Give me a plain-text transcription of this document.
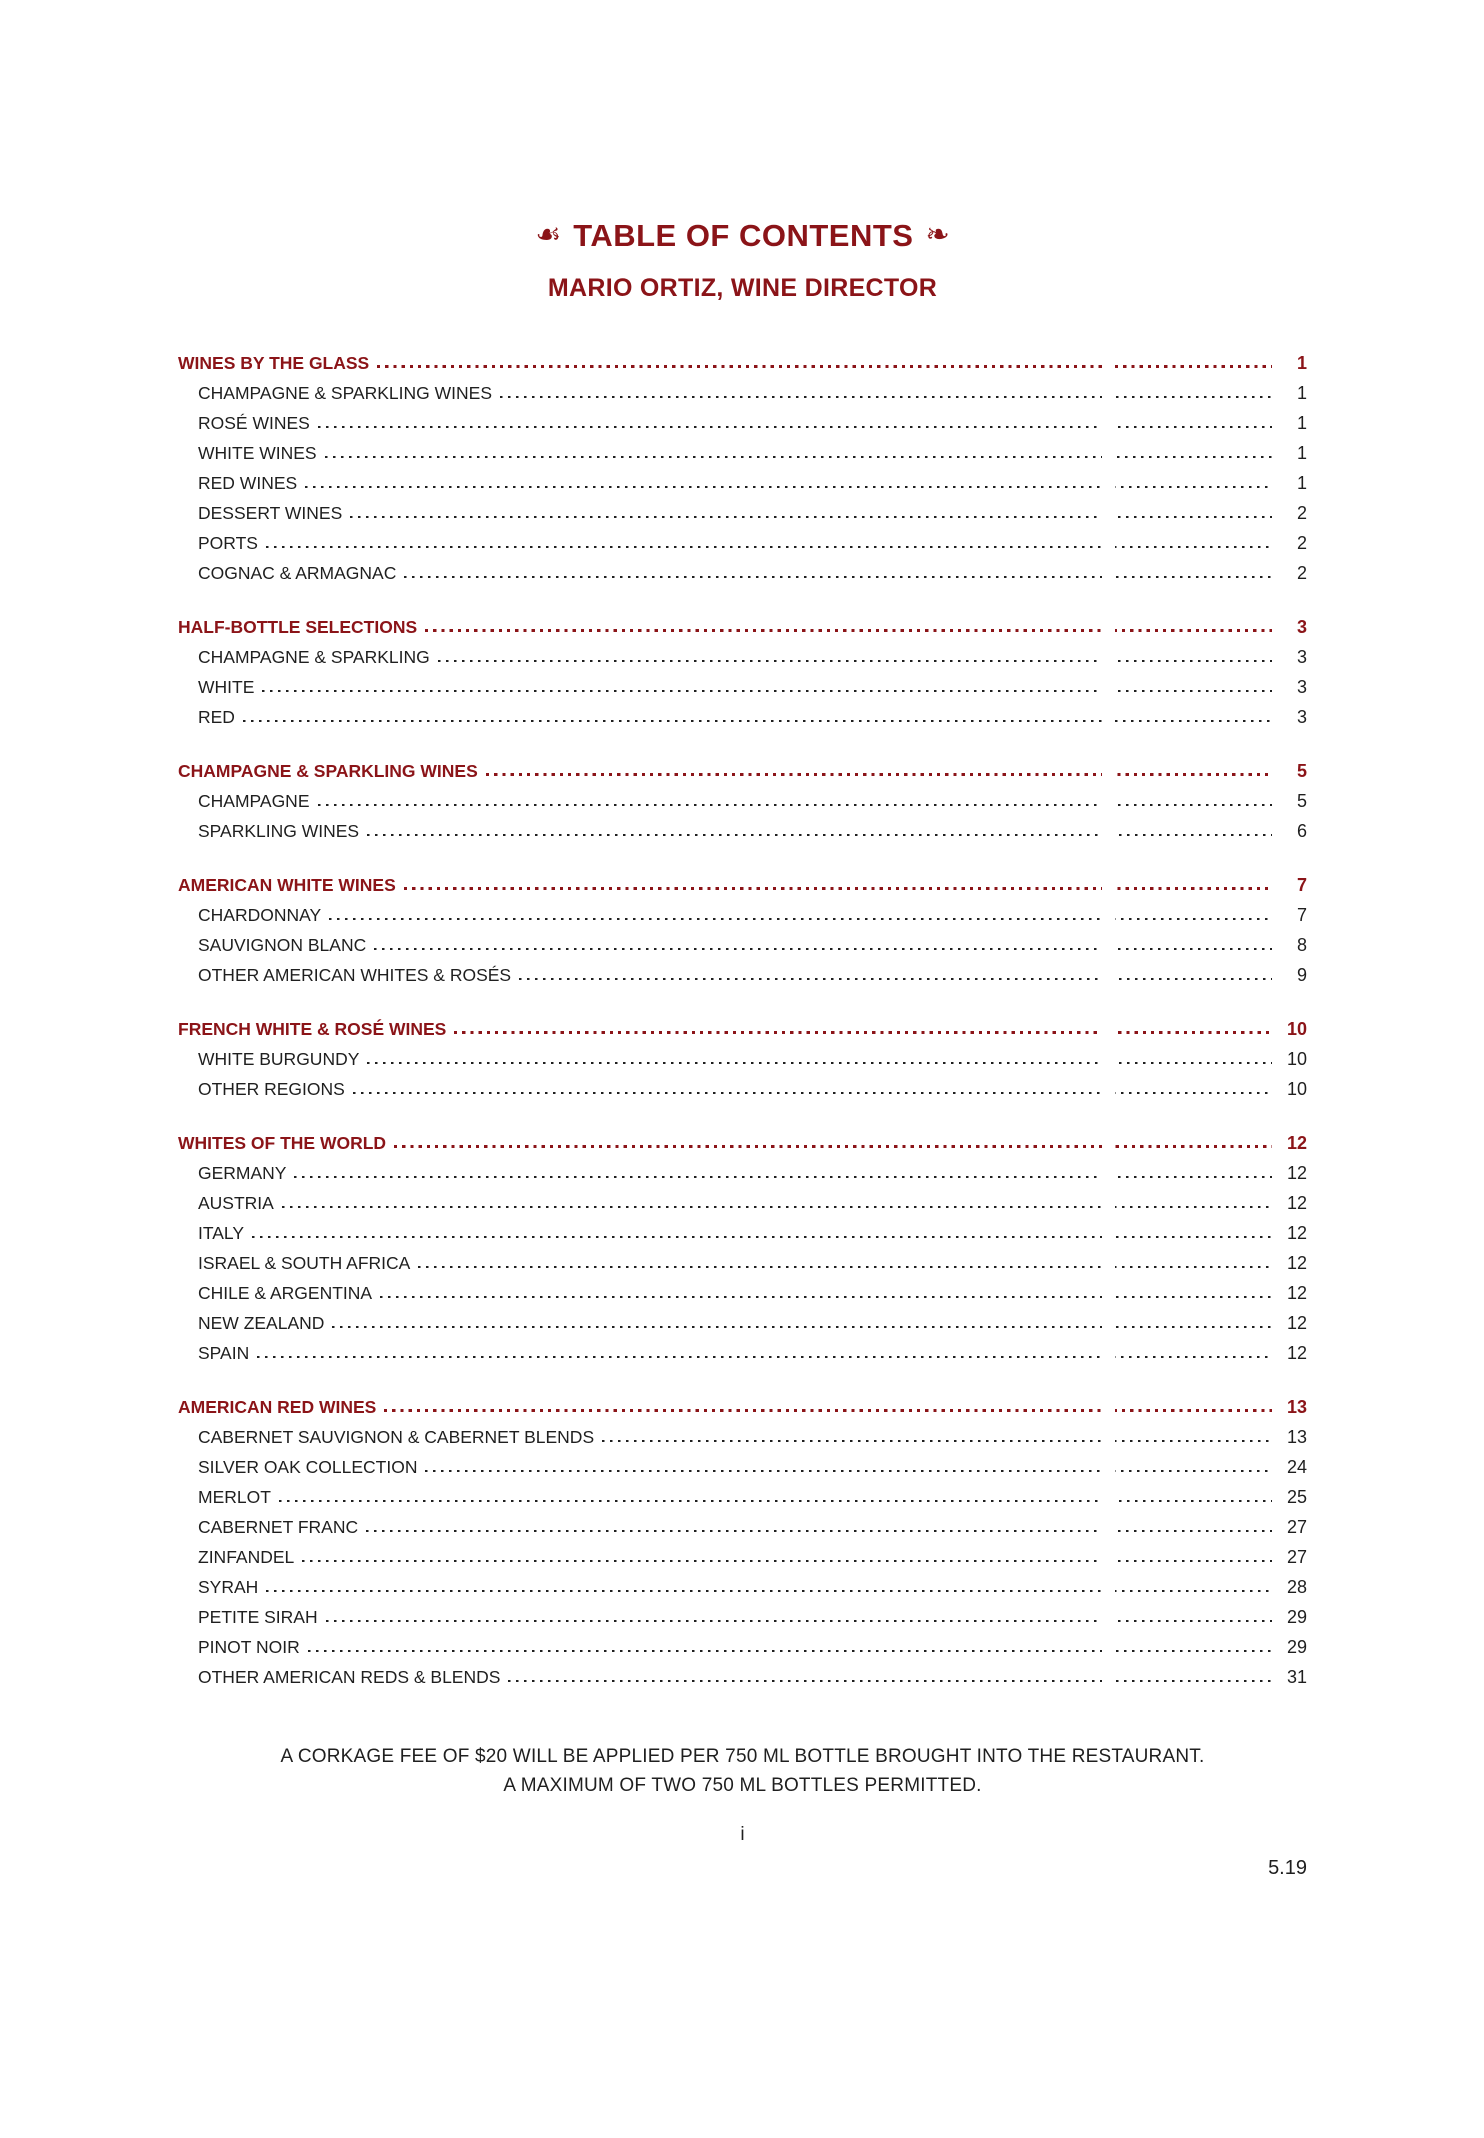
☙ TABLE OF CONTENTS ❧
MARIO ORTIZ, WINE DIRECTOR
WINES BY THE GLASS	1
CHAMPAGNE & SPARKLING WINES	1
ROSÉ WINES	1
WHITE WINES	1
RED WINES	1
DESSERT WINES	2
PORTS	2
COGNAC & ARMAGNAC	2
HALF-BOTTLE SELECTIONS	3
CHAMPAGNE & SPARKLING	3
WHITE	3
RED	3
CHAMPAGNE & SPARKLING WINES	5
CHAMPAGNE	5
SPARKLING WINES	6
AMERICAN WHITE WINES	7
CHARDONNAY	7
SAUVIGNON BLANC	8
OTHER AMERICAN WHITES & ROSÉS	9
FRENCH WHITE & ROSÉ WINES	10
WHITE BURGUNDY	10
OTHER REGIONS	10
WHITES OF THE WORLD	12
GERMANY	12
AUSTRIA	12
ITALY	12
ISRAEL & SOUTH AFRICA	12
CHILE & ARGENTINA	12
NEW ZEALAND	12
SPAIN	12
AMERICAN RED WINES	13
CABERNET SAUVIGNON & CABERNET BLENDS	13
SILVER OAK COLLECTION	24
MERLOT	25
CABERNET FRANC	27
ZINFANDEL	27
SYRAH	28
PETITE SIRAH	29
PINOT NOIR	29
OTHER AMERICAN REDS & BLENDS	31
A CORKAGE FEE OF $20 WILL BE APPLIED PER 750 ML BOTTLE BROUGHT INTO THE RESTAURANT.
A MAXIMUM OF TWO 750 ML BOTTLES PERMITTED.
i
5.19
